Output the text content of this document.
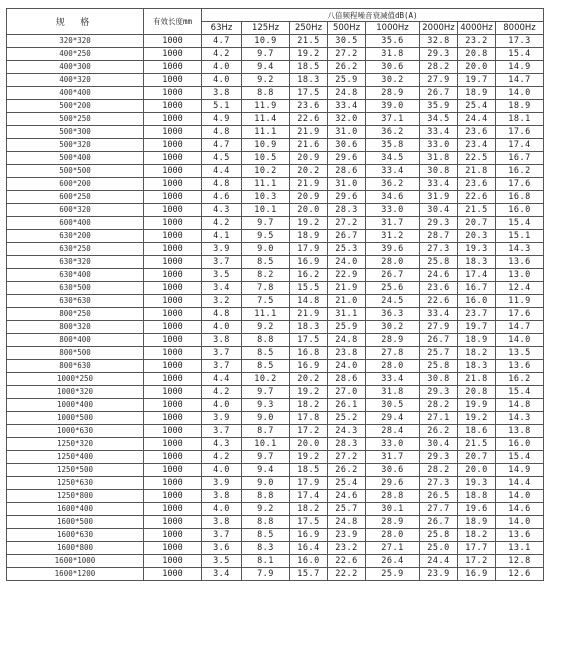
规 格	有效长度mm	八倍频程噪音衰减值dB(A)							
		63Hz	125Hz	250Hz	500Hz	1000Hz	2000Hz	4000Hz	8000Hz
320*320	1000	4.7	10.9	21.5	30.5	35.6	32.8	23.2	17.3
400*250	1000	4.2	9.7	19.2	27.2	31.8	29.3	20.8	15.4
400*300	1000	4.0	9.4	18.5	26.2	30.6	28.2	20.0	14.9
400*320	1000	4.0	9.2	18.3	25.9	30.2	27.9	19.7	14.7
400*400	1000	3.8	8.8	17.5	24.8	28.9	26.7	18.9	14.0
500*200	1000	5.1	11.9	23.6	33.4	39.0	35.9	25.4	18.9
500*250	1000	4.9	11.4	22.6	32.0	37.1	34.5	24.4	18.1
500*300	1000	4.8	11.1	21.9	31.0	36.2	33.4	23.6	17.6
500*320	1000	4.7	10.9	21.6	30.6	35.8	33.0	23.4	17.4
500*400	1000	4.5	10.5	20.9	29.6	34.5	31.8	22.5	16.7
500*500	1000	4.4	10.2	20.2	28.6	33.4	30.8	21.8	16.2
600*200	1000	4.8	11.1	21.9	31.0	36.2	33.4	23.6	17.6
600*250	1000	4.6	10.3	20.9	29.6	34.6	31.9	22.6	16.8
600*320	1000	4.3	10.1	20.0	28.3	33.0	30.4	21.5	16.0
600*400	1000	4.2	9.7	19.2	27.2	31.7	29.3	20.7	15.4
630*200	1000	4.1	9.5	18.9	26.7	31.2	28.7	20.3	15.1
630*250	1000	3.9	9.0	17.9	25.3	39.6	27.3	19.3	14.3
630*320	1000	3.7	8.5	16.9	24.0	28.0	25.8	18.3	13.6
630*400	1000	3.5	8.2	16.2	22.9	26.7	24.6	17.4	13.0
630*500	1000	3.4	7.8	15.5	21.9	25.6	23.6	16.7	12.4
630*630	1000	3.2	7.5	14.8	21.0	24.5	22.6	16.0	11.9
800*250	1000	4.8	11.1	21.9	31.1	36.3	33.4	23.7	17.6
800*320	1000	4.0	9.2	18.3	25.9	30.2	27.9	19.7	14.7
800*400	1000	3.8	8.8	17.5	24.8	28.9	26.7	18.9	14.0
800*500	1000	3.7	8.5	16.8	23.8	27.8	25.7	18.2	13.5
800*630	1000	3.7	8.5	16.9	24.0	28.0	25.8	18.3	13.6
1000*250	1000	4.4	10.2	20.2	28.6	33.4	30.8	21.8	16.2
1000*320	1000	4.2	9.7	19.2	27.0	31.8	29.3	20.8	15.4
1000*400	1000	4.0	9.3	18.2	26.1	30.5	28.2	19.9	14.8
1000*500	1000	3.9	9.0	17.8	25.2	29.4	27.1	19.2	14.3
1000*630	1000	3.7	8.7	17.2	24.3	28.4	26.2	18.6	13.8
1250*320	1000	4.3	10.1	20.0	28.3	33.0	30.4	21.5	16.0
1250*400	1000	4.2	9.7	19.2	27.2	31.7	29.3	20.7	15.4
1250*500	1000	4.0	9.4	18.5	26.2	30.6	28.2	20.0	14.9
1250*630	1000	3.9	9.0	17.9	25.4	29.6	27.3	19.3	14.4
1250*800	1000	3.8	8.8	17.4	24.6	28.8	26.5	18.8	14.0
1600*400	1000	4.0	9.2	18.2	25.7	30.1	27.7	19.6	14.6
1600*500	1000	3.8	8.8	17.5	24.8	28.9	26.7	18.9	14.0
1600*630	1000	3.7	8.5	16.9	23.9	28.0	25.8	18.2	13.6
1600*800	1000	3.6	8.3	16.4	23.2	27.1	25.0	17.7	13.1
1600*1000	1000	3.5	8.1	16.0	22.6	26.4	24.4	17.2	12.8
1600*1200	1000	3.4	7.9	15.7	22.2	25.9	23.9	16.9	12.6
